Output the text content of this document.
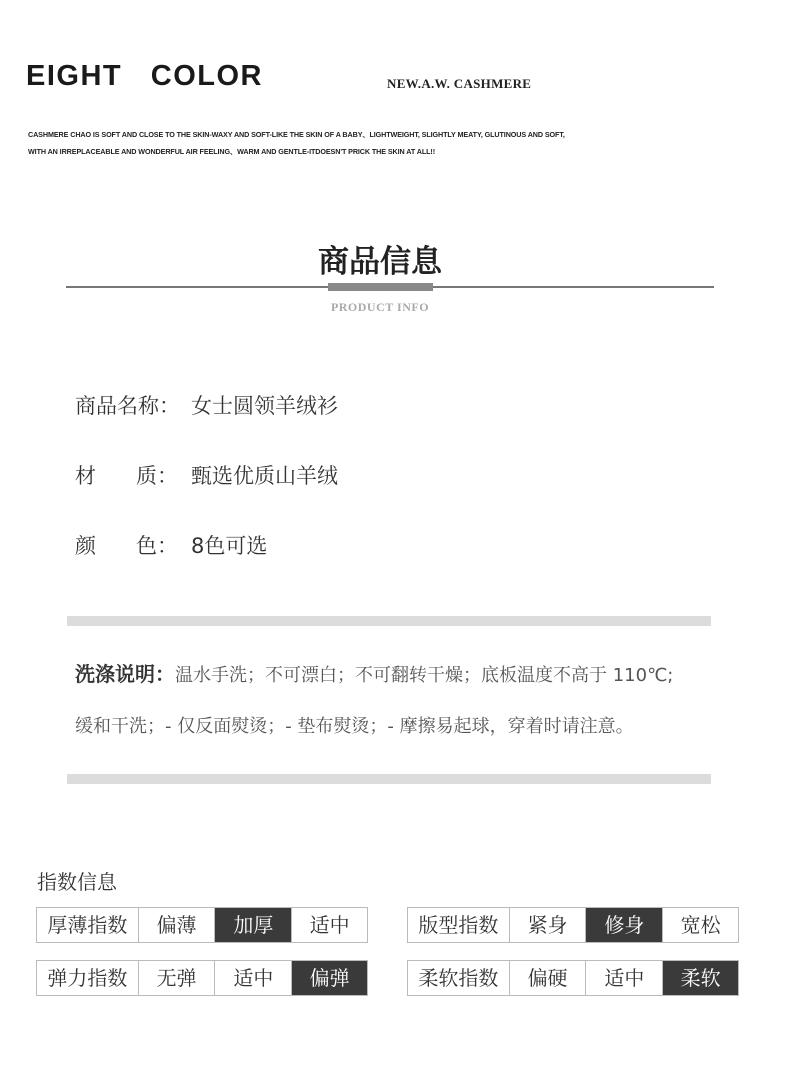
EIGHT   COLOR	NEW.A.W. CASHMERE
CASHMERE CHAO IS SOFT AND CLOSE TO THE SKIN-WAXY AND SOFT-LIKE THE SKIN OF A BABY、LIGHTWEIGHT, SLIGHTLY MEATY, GLUTINOUS AND SOFT,
WITH AN IRREPLACEABLE AND WONDERFUL AIR FEELING、WARM AND GENTLE-ITDOESN'T PRICK THE SKIN AT ALL!!
商品信息
PRODUCT INFO
商品名称： 女士圆领羊绒衫
材      质： 甄选优质山羊绒
颜      色： 8色可选
洗涤说明：温水手洗；不可漂白；不可翻转干燥；底板温度不高于 110℃;
缓和干洗；- 仅反面熨烫；- 垫布熨烫；- 摩擦易起球，穿着时请注意。
指数信息
厚薄指数	偏薄	加厚	适中	版型指数	紧身	修身	宽松
弹力指数	无弹	适中	偏弹	柔软指数	偏硬	适中	柔软
